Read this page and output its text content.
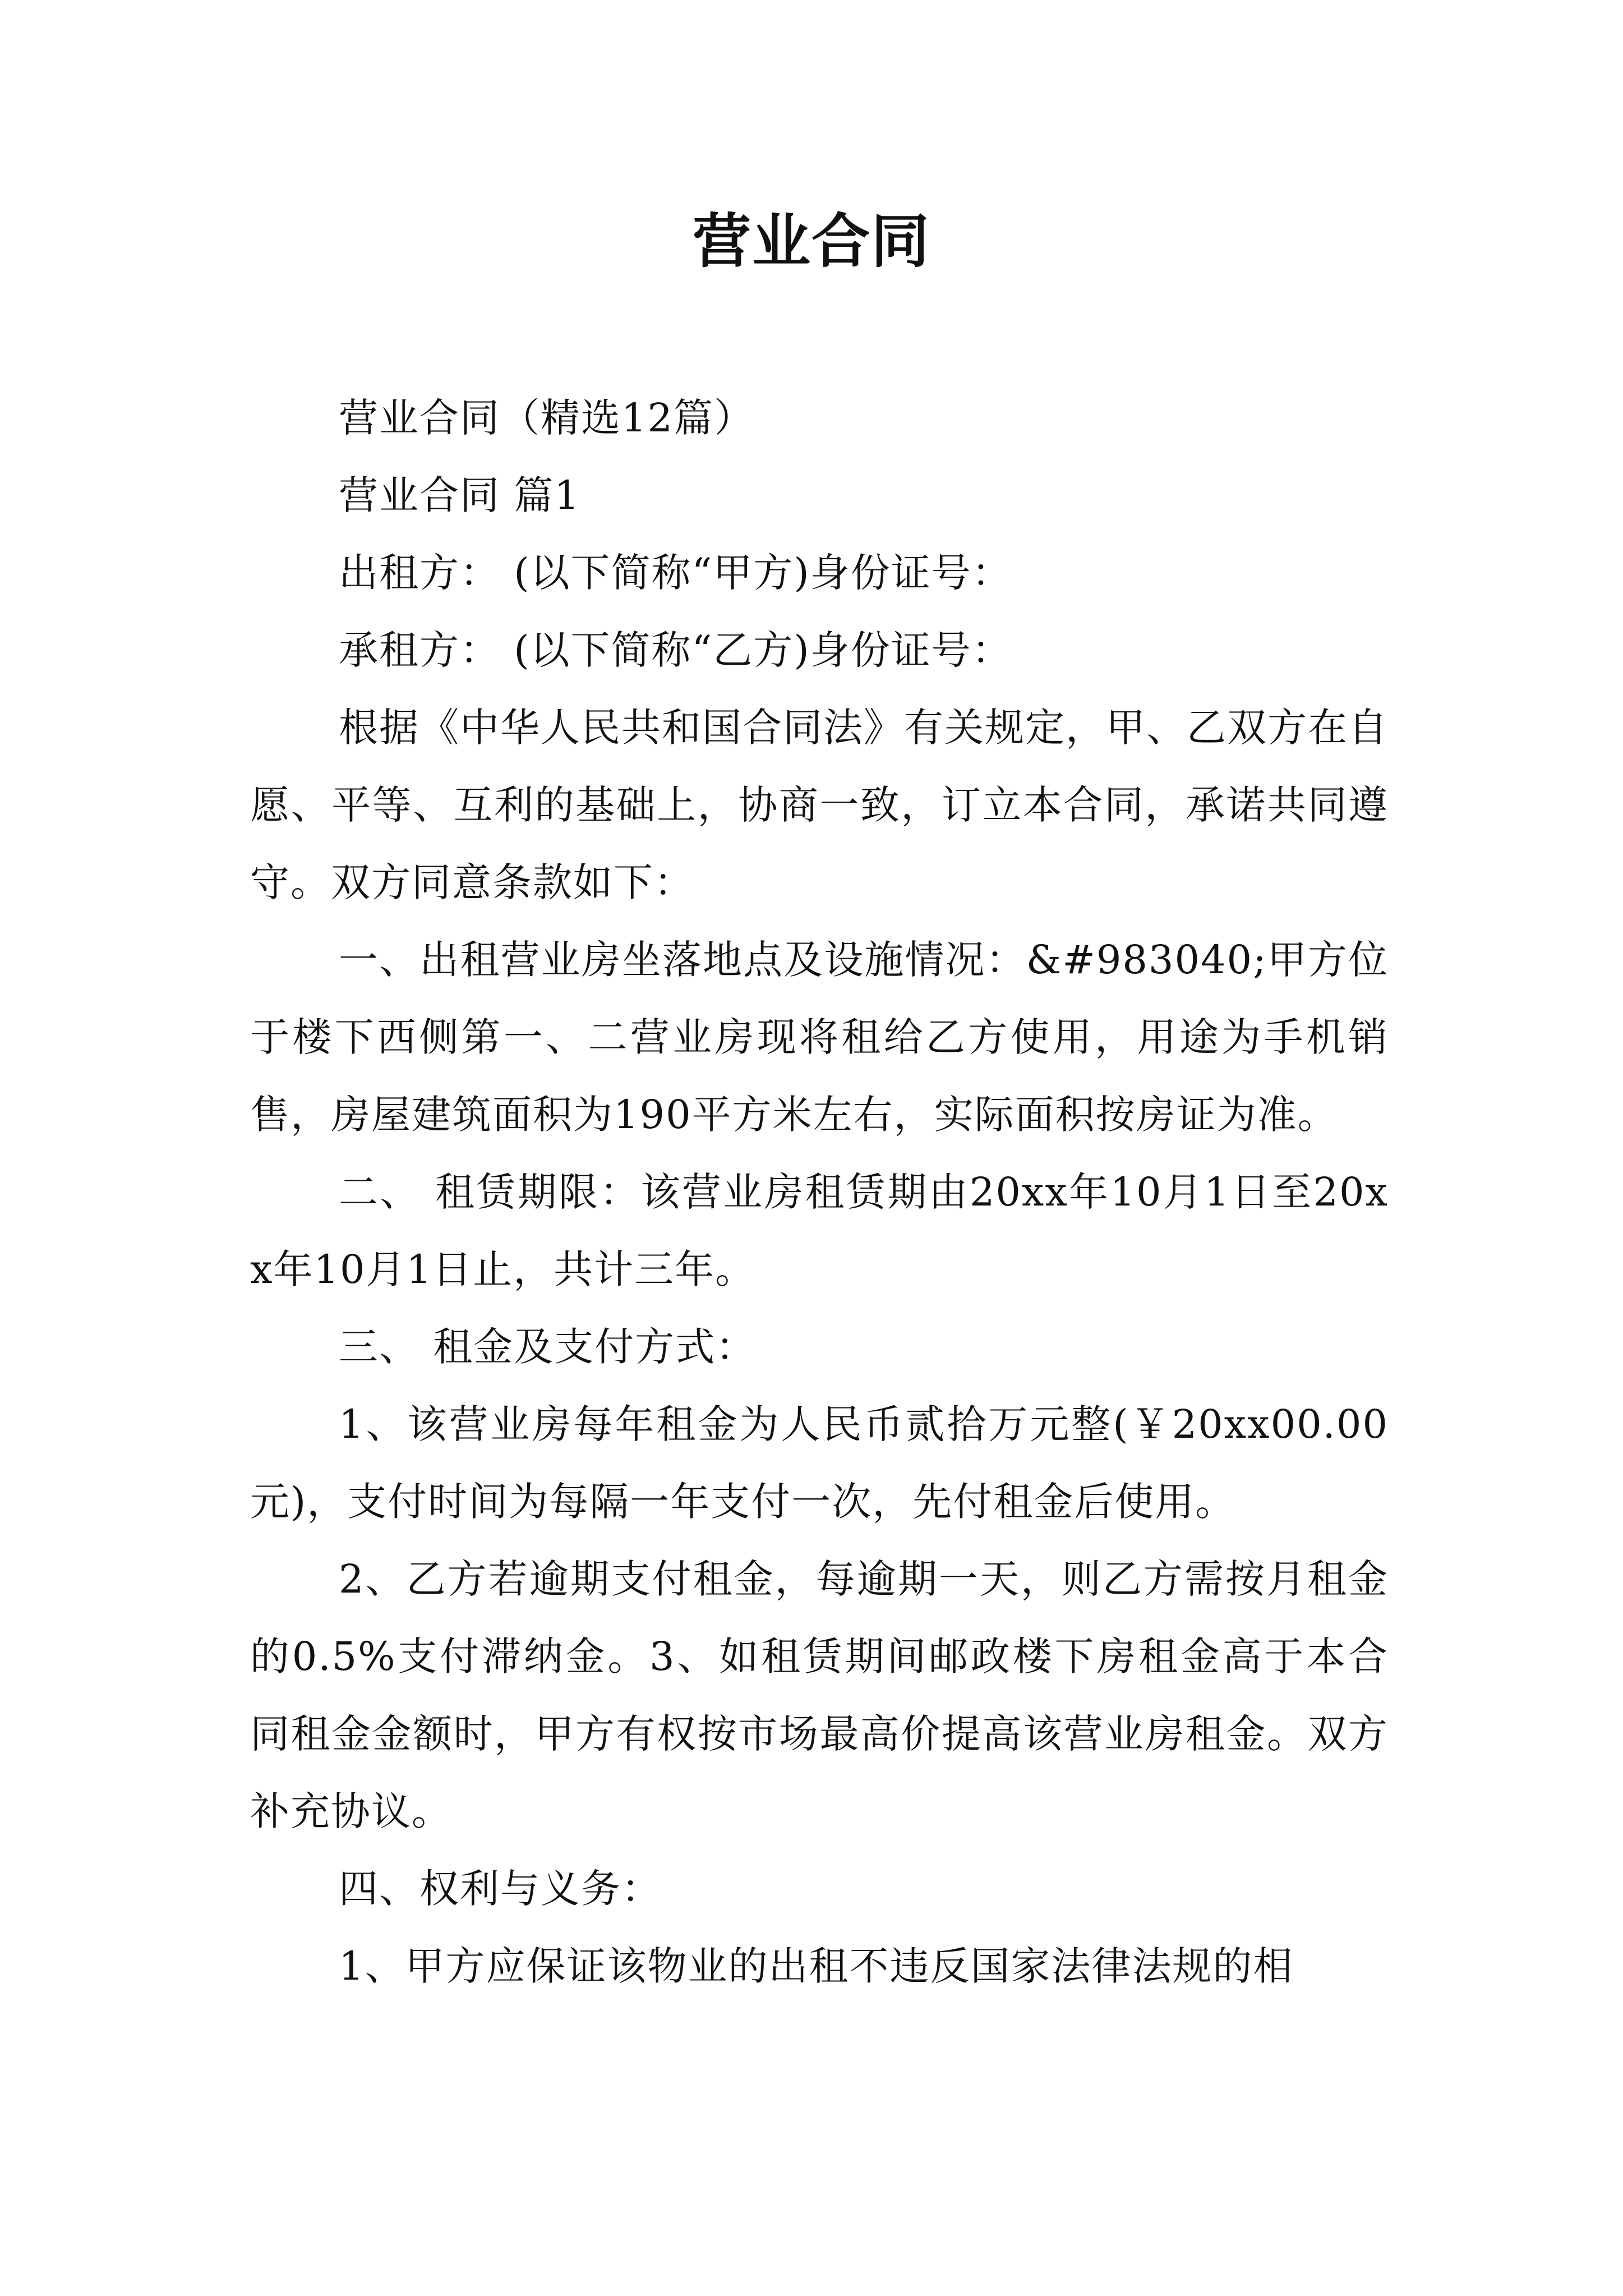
营业合同

营业合同（精选12篇）

营业合同 篇1

出租方： (以下简称“甲方)身份证号：

承租方： (以下简称“乙方)身份证号：

根据《中华人民共和国合同法》有关规定，甲、乙双方在自愿、平等、互利的基础上，协商一致，订立本合同，承诺共同遵守。双方同意条款如下：

一、出租营业房坐落地点及设施情况：&#983040;甲方位于楼下西侧第一、二营业房现将租给乙方使用，用途为手机销售，房屋建筑面积为190平方米左右，实际面积按房证为准。

二、 租赁期限：该营业房租赁期由20xx年10月1日至20xx年10月1日止，共计三年。

三、 租金及支付方式：

1、该营业房每年租金为人民币贰拾万元整(￥20xx00.00元)，支付时间为每隔一年支付一次，先付租金后使用。

2、乙方若逾期支付租金，每逾期一天，则乙方需按月租金的0.5%支付滞纳金。3、如租赁期间邮政楼下房租金高于本合同租金金额时，甲方有权按市场最高价提高该营业房租金。双方补充协议。

四、权利与义务：

1、甲方应保证该物业的出租不违反国家法律法规的相
